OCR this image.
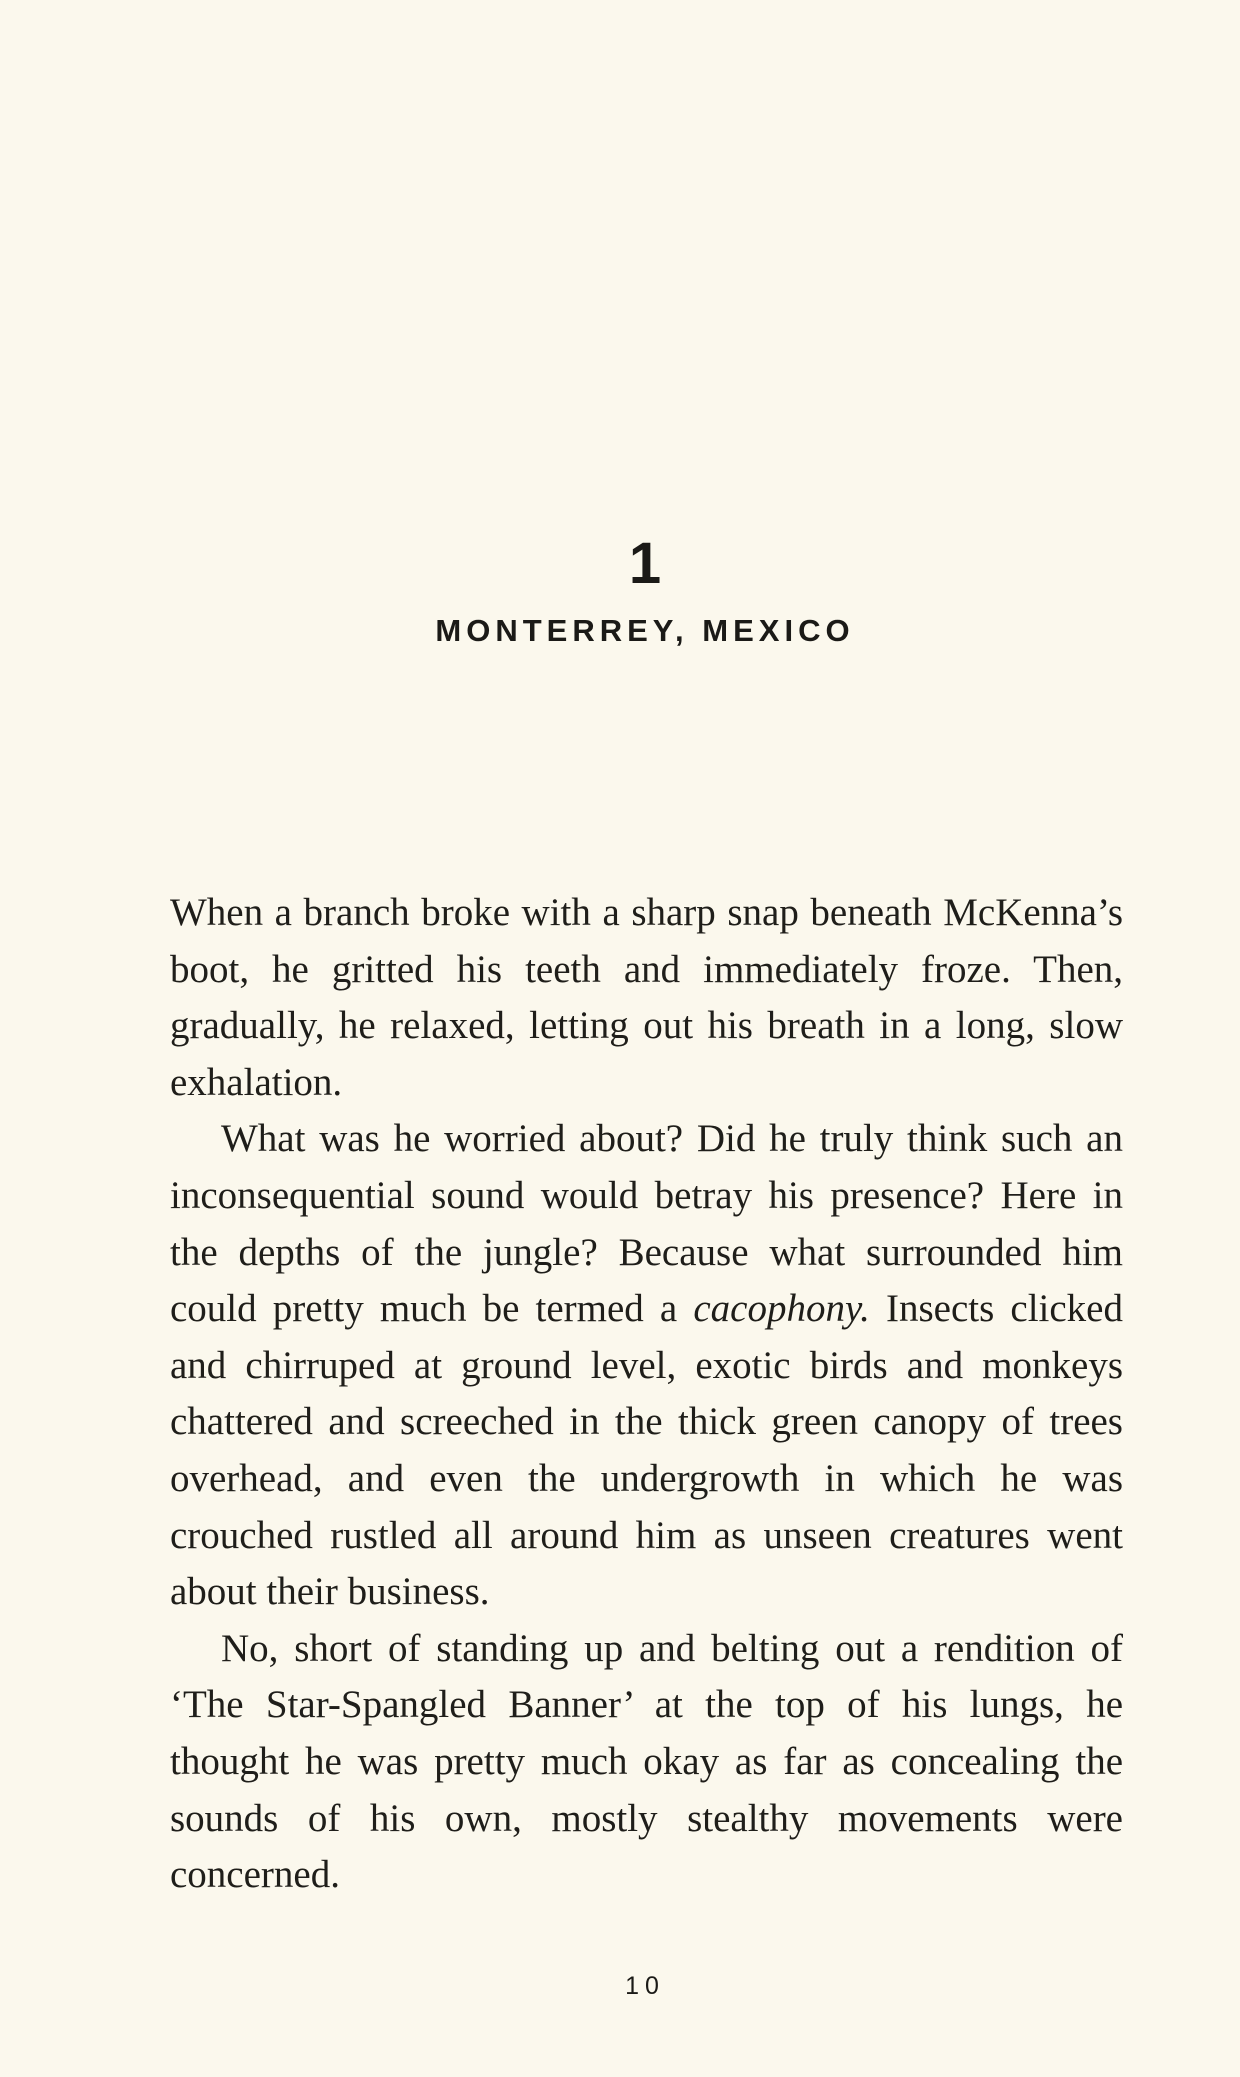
1
MONTERREY, MEXICO

When a branch broke with a sharp snap beneath McKenna’s boot, he gritted his teeth and immediately froze. Then, gradually, he relaxed, letting out his breath in a long, slow exhalation.

What was he worried about? Did he truly think such an inconsequential sound would betray his presence? Here in the depths of the jungle? Because what surrounded him could pretty much be termed a cacophony. Insects clicked and chirruped at ground level, exotic birds and monkeys chattered and screeched in the thick green canopy of trees overhead, and even the undergrowth in which he was crouched rustled all around him as unseen creatures went about their business.

No, short of standing up and belting out a rendition of ‘The Star-Spangled Banner’ at the top of his lungs, he thought he was pretty much okay as far as concealing the sounds of his own, mostly stealthy movements were concerned.

10
